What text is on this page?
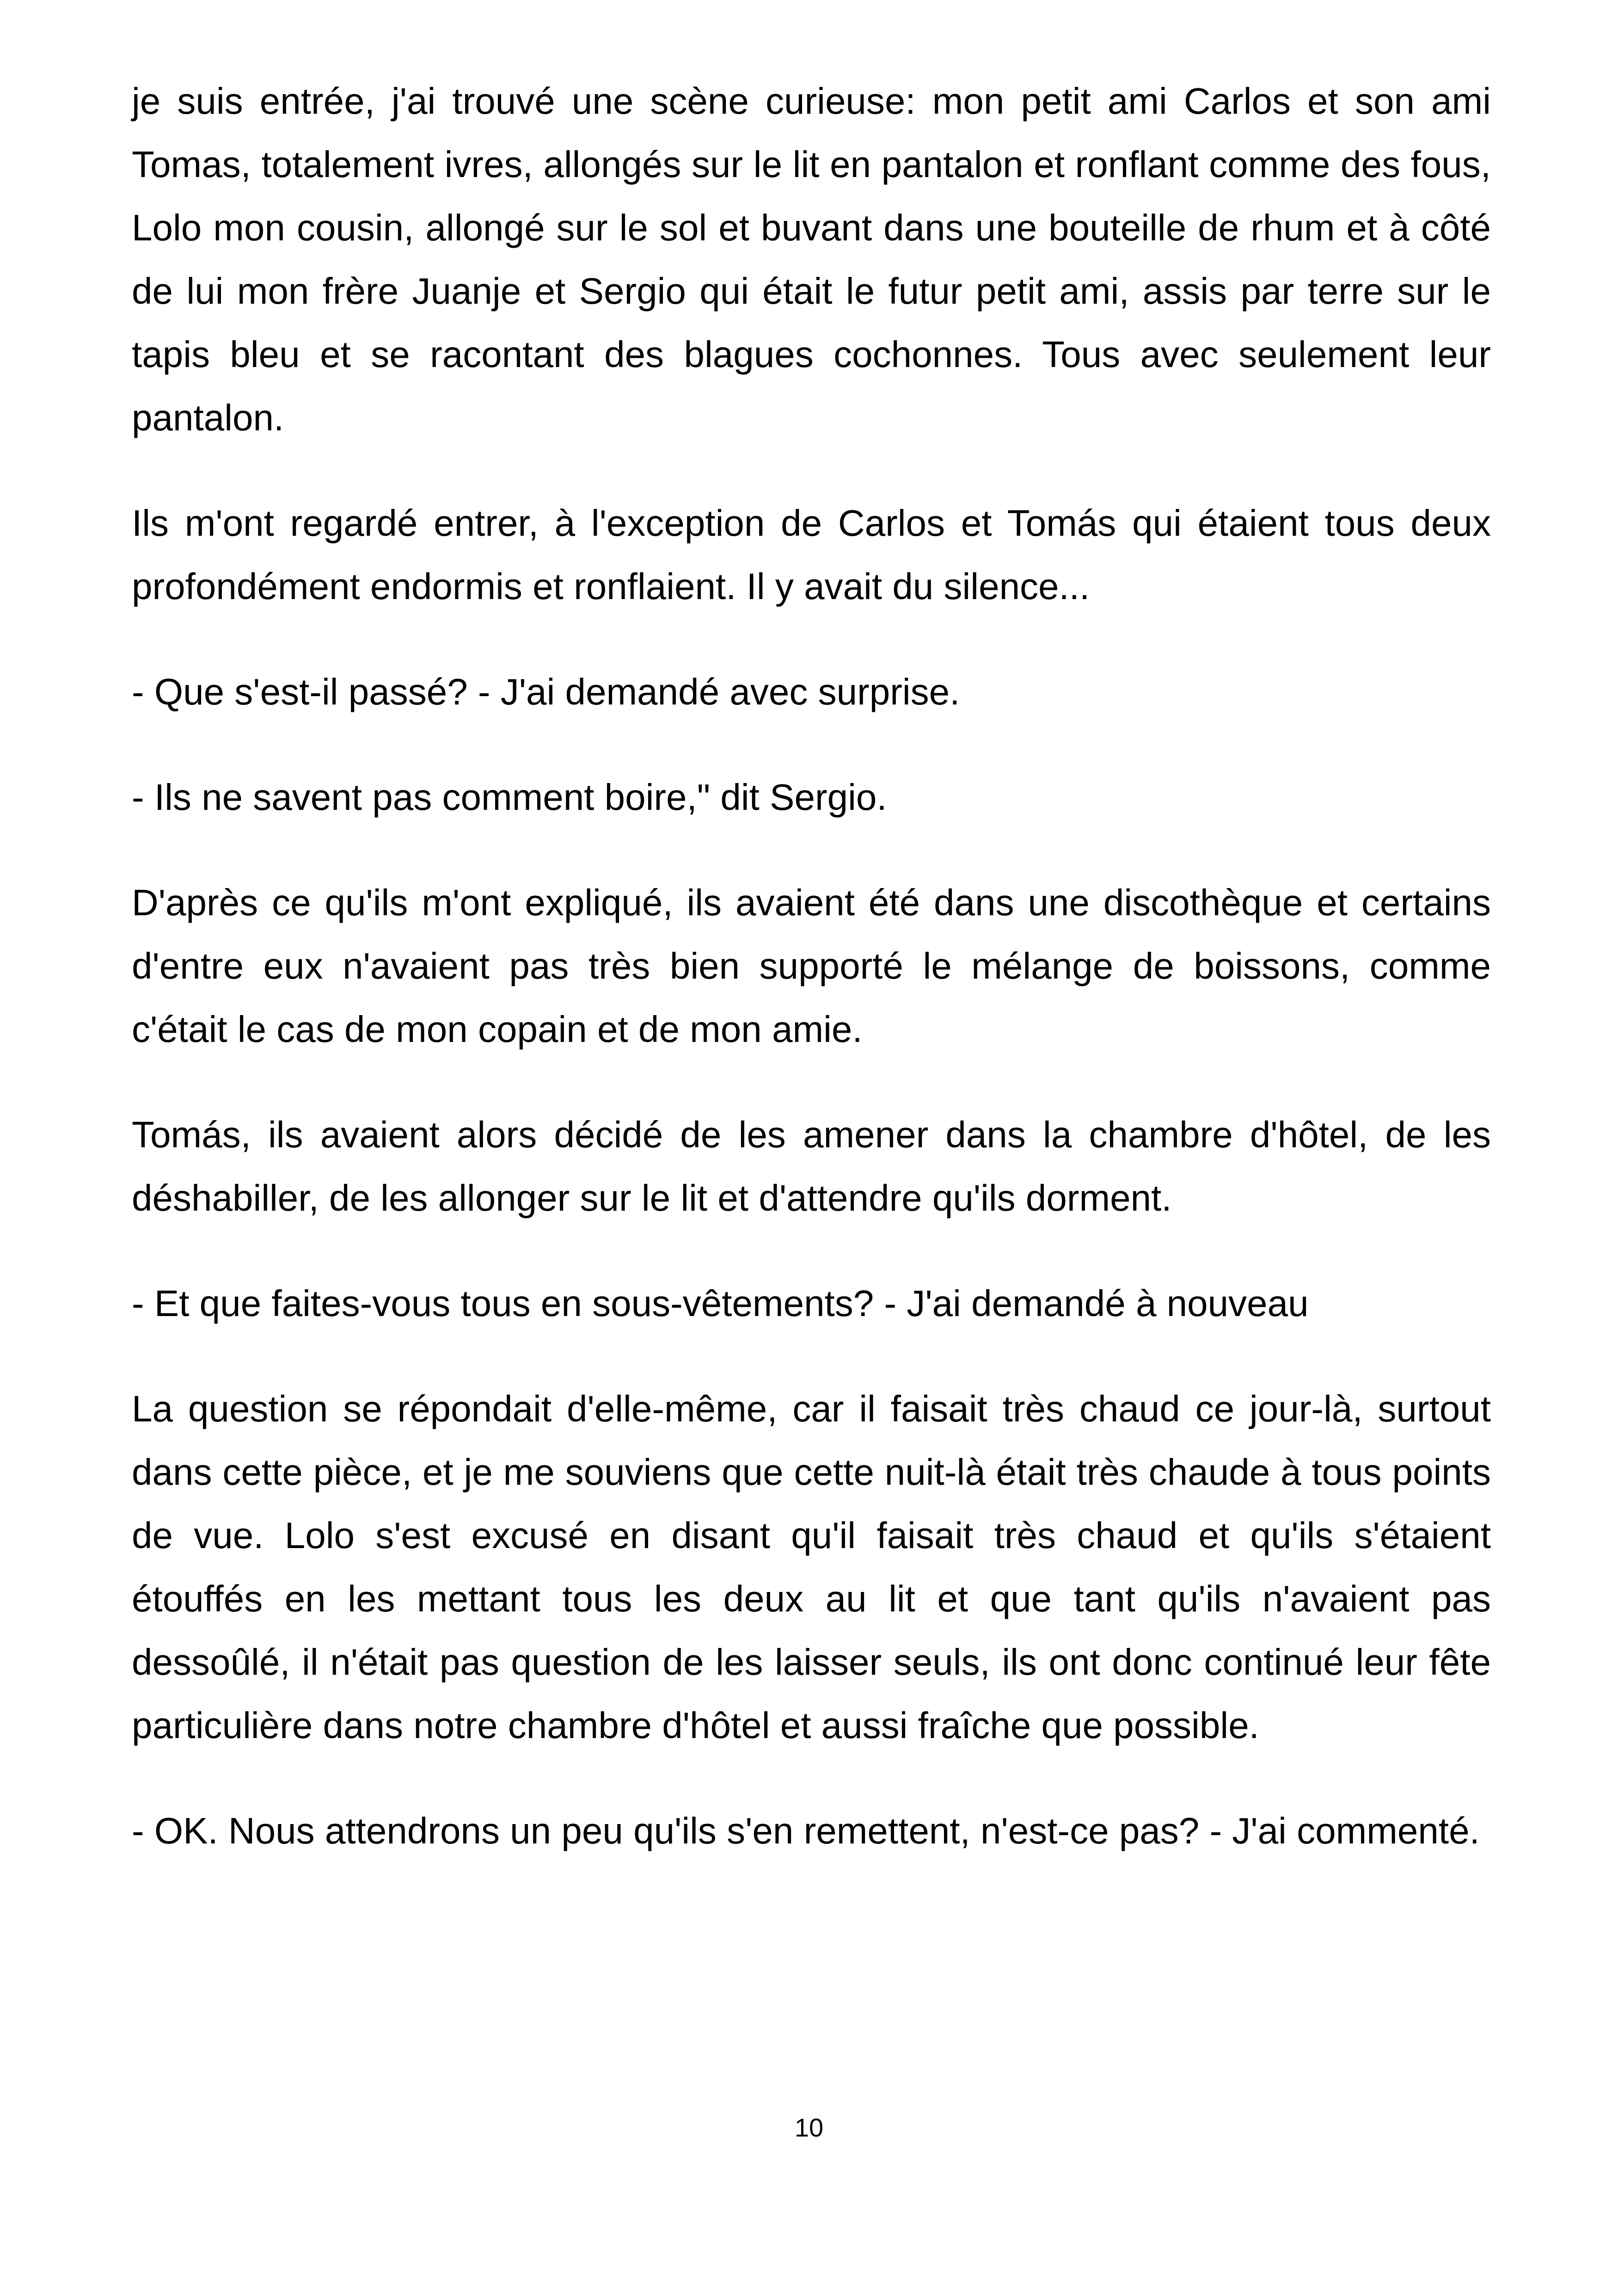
je suis entrée, j'ai trouvé une scène curieuse: mon petit ami Carlos et son ami Tomas, totalement ivres, allongés sur le lit en pantalon et ronflant comme des fous, Lolo mon cousin, allongé sur le sol et buvant dans une bouteille de rhum et à côté de lui mon frère Juanje et Sergio qui était le futur petit ami, assis par terre sur le tapis bleu et se racontant des blagues cochonnes. Tous avec seulement leur pantalon.

Ils m'ont regardé entrer, à l'exception de Carlos et Tomás qui étaient tous deux profondément endormis et ronflaient. Il y avait du silence...

- Que s'est-il passé? - J'ai demandé avec surprise.

- Ils ne savent pas comment boire," dit Sergio.

D'après ce qu'ils m'ont expliqué, ils avaient été dans une discothèque et certains d'entre eux n'avaient pas très bien supporté le mélange de boissons, comme c'était le cas de mon copain et de mon amie.

Tomás, ils avaient alors décidé de les amener dans la chambre d'hôtel, de les déshabiller, de les allonger sur le lit et d'attendre qu'ils dorment.

- Et que faites-vous tous en sous-vêtements? - J'ai demandé à nouveau

La question se répondait d'elle-même, car il faisait très chaud ce jour-là, surtout dans cette pièce, et je me souviens que cette nuit-là était très chaude à tous points de vue. Lolo s'est excusé en disant qu'il faisait très chaud et qu'ils s'étaient étouffés en les mettant tous les deux au lit et que tant qu'ils n'avaient pas dessoûlé, il n'était pas question de les laisser seuls, ils ont donc continué leur fête particulière dans notre chambre d'hôtel et aussi fraîche que possible.

- OK. Nous attendrons un peu qu'ils s'en remettent, n'est-ce pas? - J'ai commenté.

10
